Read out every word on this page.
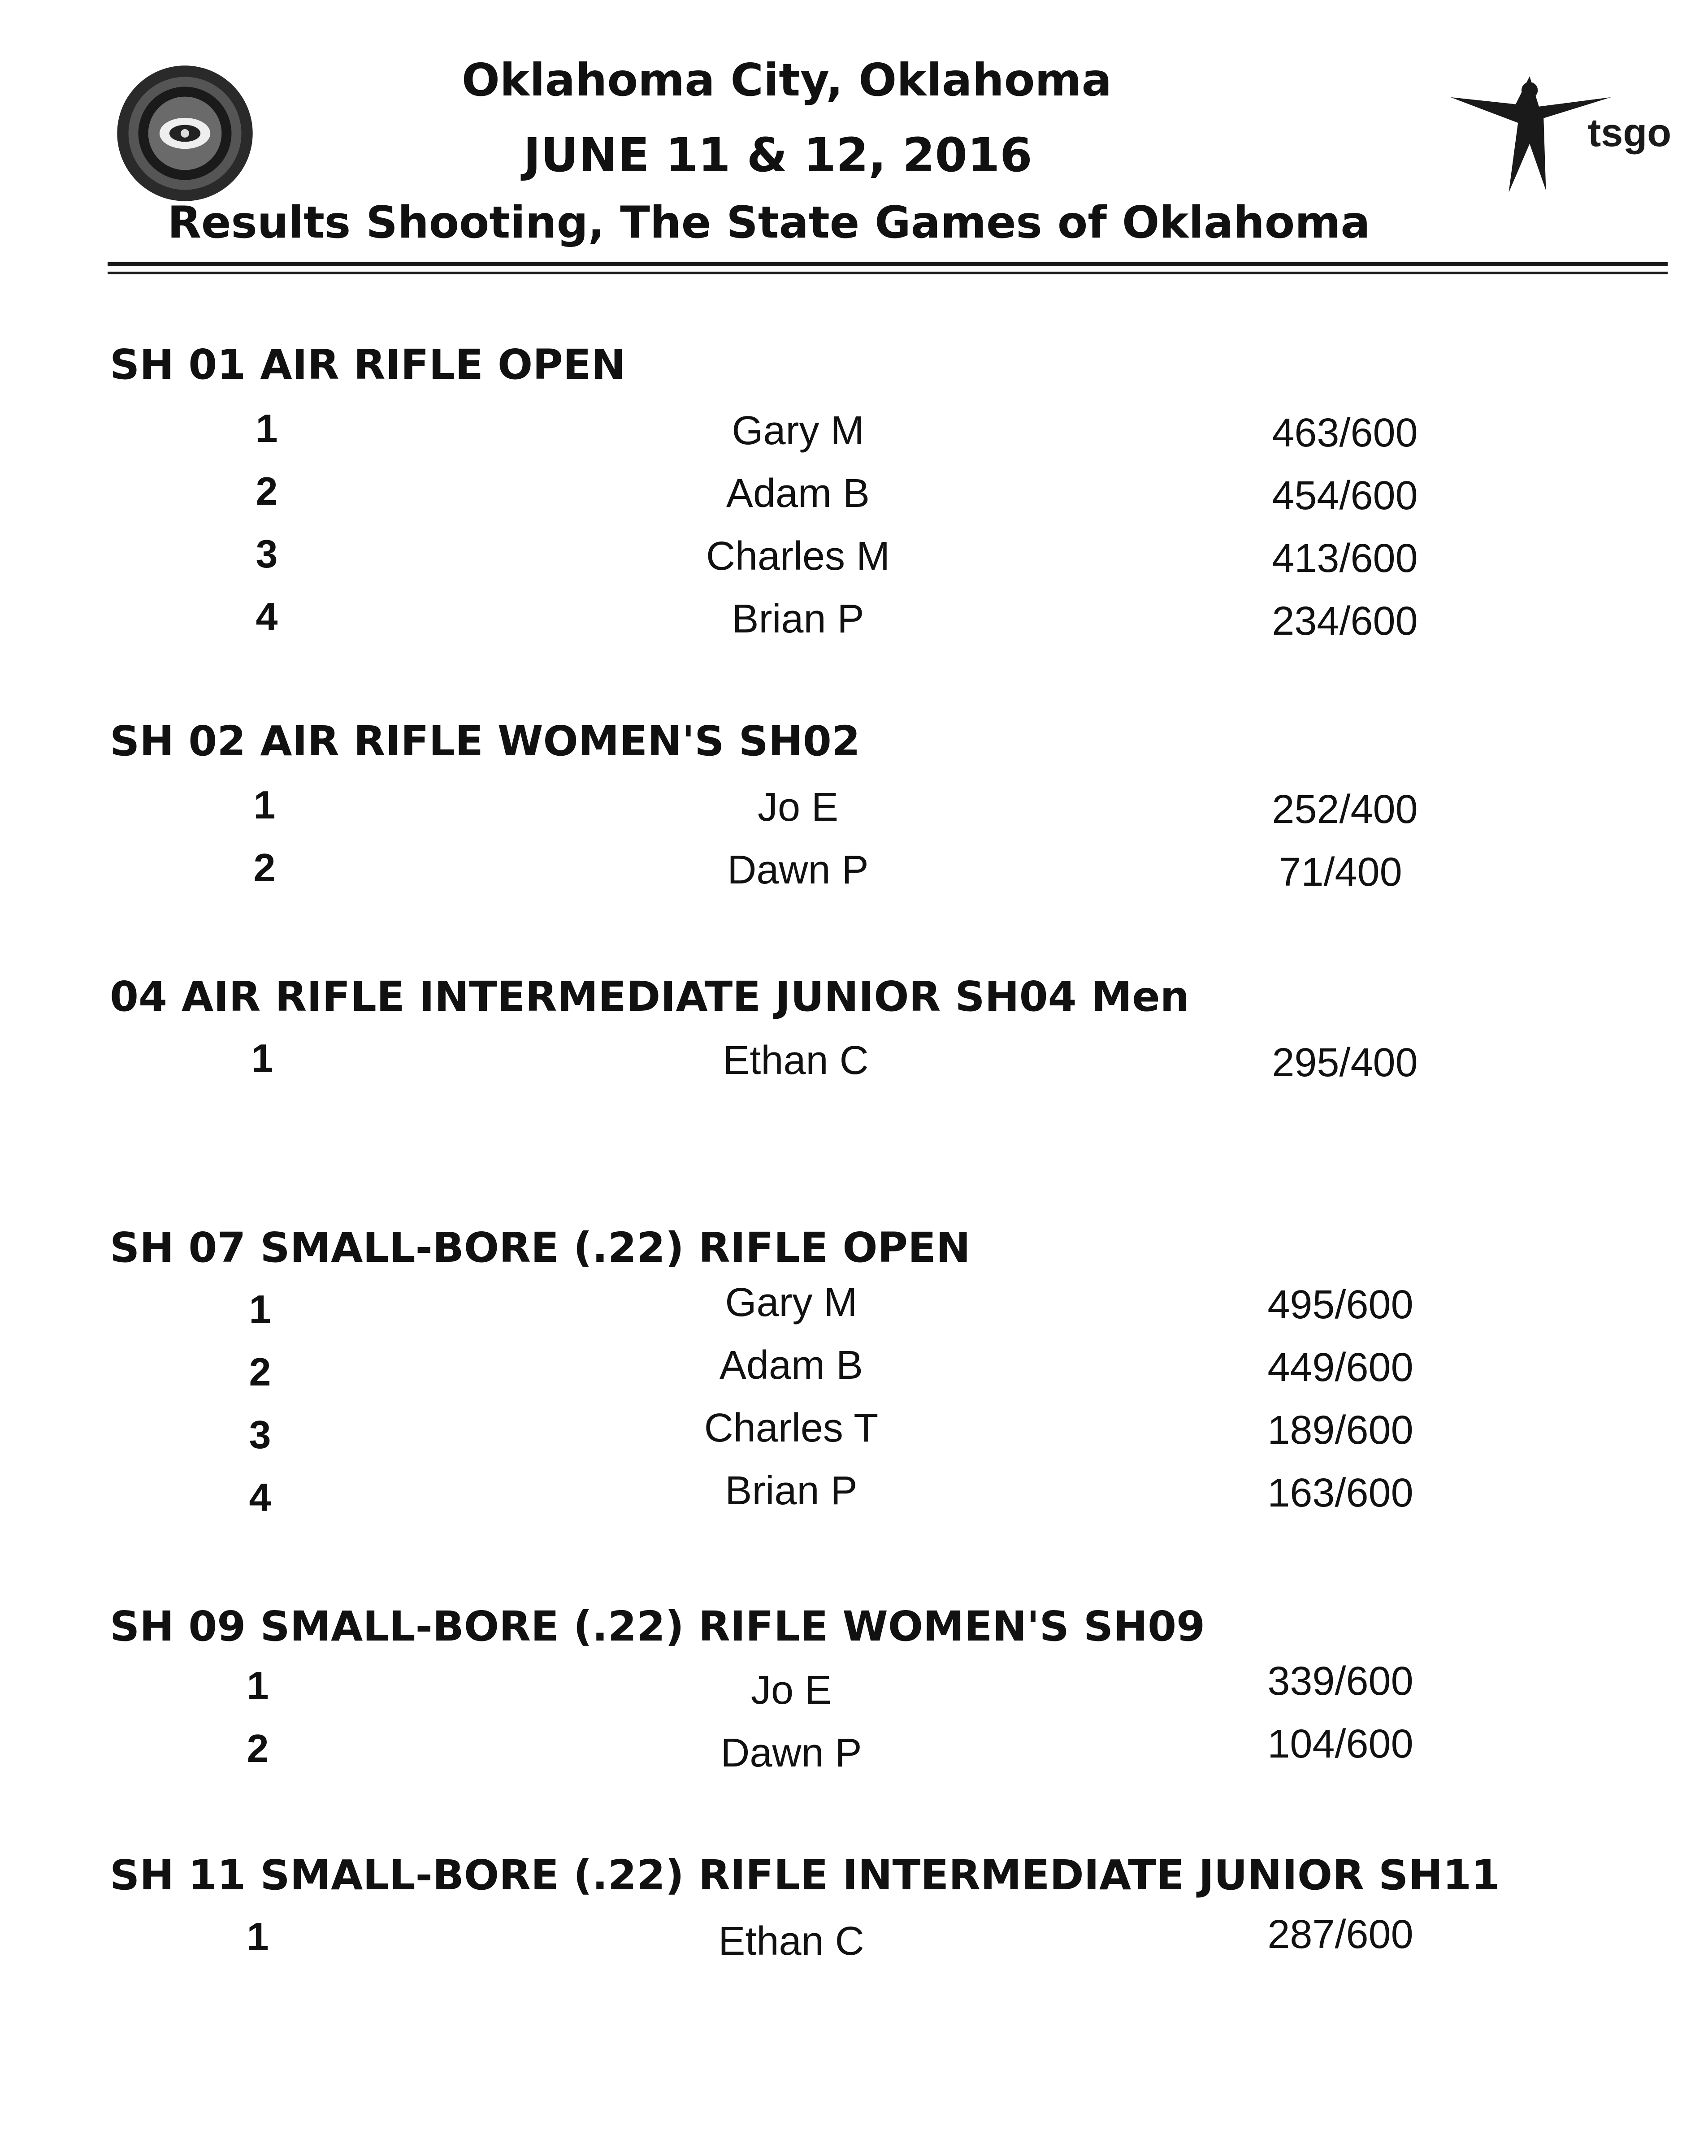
tsgo
Oklahoma City, Oklahoma
JUNE 11 & 12, 2016
Results Shooting, The State Games of Oklahoma
SH 01 AIR RIFLE OPEN
1	Gary M	463/600
2	Adam B	454/600
3	Charles M	413/600
4	Brian P	234/600
SH 02 AIR RIFLE WOMEN'S SH02
1	Jo E	252/400
2	Dawn P	71/400
04 AIR RIFLE INTERMEDIATE JUNIOR SH04 Men
1	Ethan C	295/400
SH 07 SMALL-BORE (.22) RIFLE OPEN
1	Gary M	495/600
2	Adam B	449/600
3	Charles T	189/600
4	Brian P	163/600
SH 09 SMALL-BORE (.22) RIFLE WOMEN'S SH09
1	Jo E	339/600
2	Dawn P	104/600
SH 11 SMALL-BORE (.22) RIFLE INTERMEDIATE JUNIOR SH11
1	Ethan C	287/600
